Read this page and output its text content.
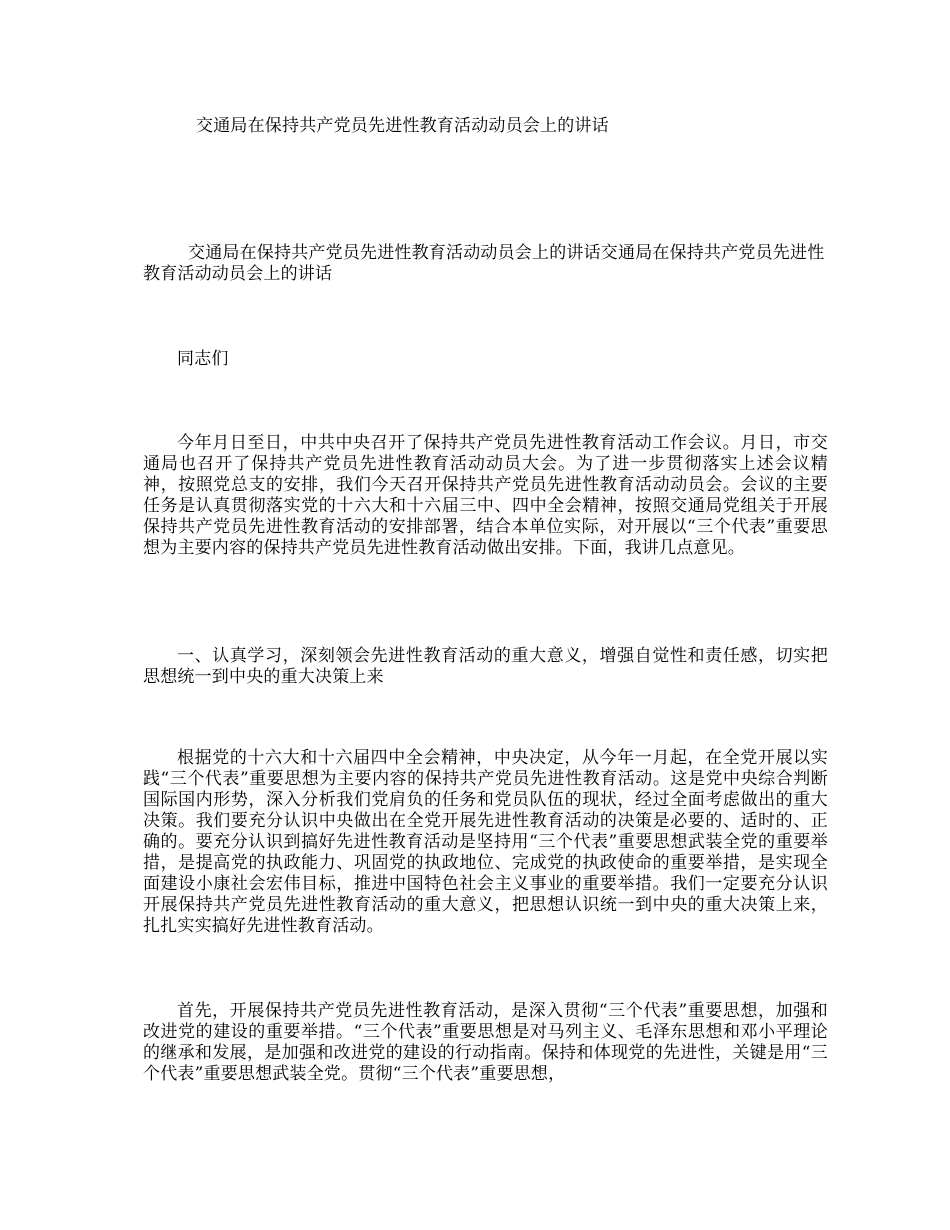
交通局在保持共产党员先进性教育活动动员会上的讲话
交通局在保持共产党员先进性教育活动动员会上的讲话交通局在保持共产党员先进性教育活动动员会上的讲话
同志们
今年月日至日，中共中央召开了保持共产党员先进性教育活动工作会议。月日，市交通局也召开了保持共产党员先进性教育活动动员大会。为了进一步贯彻落实上述会议精神，按照党总支的安排，我们今天召开保持共产党员先进性教育活动动员会。会议的主要任务是认真贯彻落实党的十六大和十六届三中、四中全会精神，按照交通局党组关于开展保持共产党员先进性教育活动的安排部署，结合本单位实际，对开展以“三个代表”重要思想为主要内容的保持共产党员先进性教育活动做出安排。下面，我讲几点意见。
一、认真学习，深刻领会先进性教育活动的重大意义，增强自觉性和责任感，切实把思想统一到中央的重大决策上来
根据党的十六大和十六届四中全会精神，中央决定，从今年一月起，在全党开展以实践“三个代表”重要思想为主要内容的保持共产党员先进性教育活动。这是党中央综合判断国际国内形势，深入分析我们党肩负的任务和党员队伍的现状，经过全面考虑做出的重大决策。我们要充分认识中央做出在全党开展先进性教育活动的决策是必要的、适时的、正确的。要充分认识到搞好先进性教育活动是坚持用“三个代表”重要思想武装全党的重要举措，是提高党的执政能力、巩固党的执政地位、完成党的执政使命的重要举措，是实现全面建设小康社会宏伟目标，推进中国特色社会主义事业的重要举措。我们一定要充分认识开展保持共产党员先进性教育活动的重大意义，把思想认识统一到中央的重大决策上来，扎扎实实搞好先进性教育活动。
首先，开展保持共产党员先进性教育活动，是深入贯彻“三个代表”重要思想，加强和改进党的建设的重要举措。“三个代表”重要思想是对马列主义、毛泽东思想和邓小平理论的继承和发展，是加强和改进党的建设的行动指南。保持和体现党的先进性，关键是用“三个代表”重要思想武装全党。贯彻“三个代表”重要思想，
